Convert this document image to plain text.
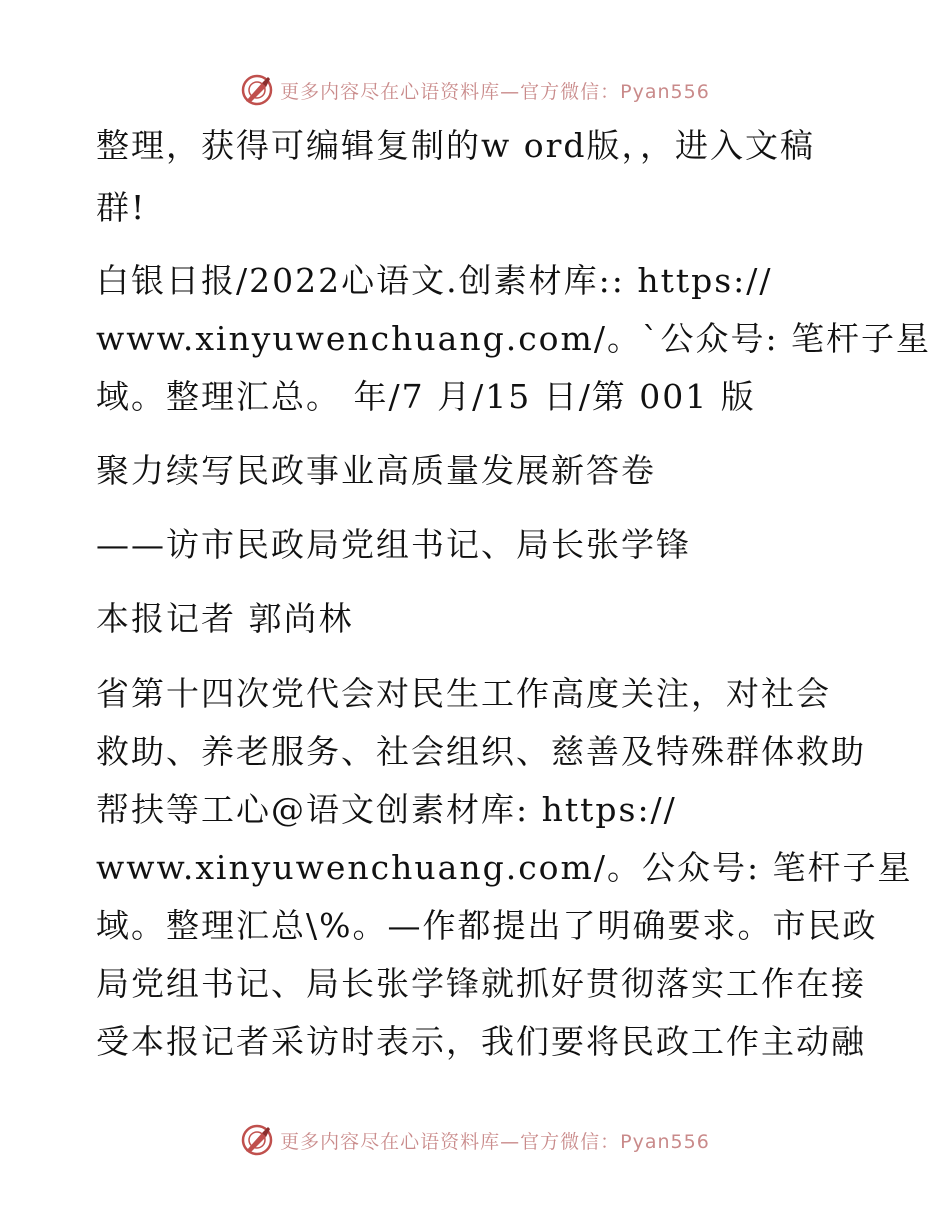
更多内容尽在心语资料库—官方微信：Pyan556
整理，获得可编辑复制的w ord版，，进入文稿
群!
白银日报/2022心语文.创素材库:: https://
www.xinyuwenchuang.com/。`公众号: 笔杆子星
域。整理汇总。 年/7 月/15 日/第 001 版
聚力续写民政事业高质量发展新答卷
——访市民政局党组书记、局长张学锋
本报记者 郭尚林
省第十四次党代会对民生工作高度关注，对社会
救助、养老服务、社会组织、慈善及特殊群体救助
帮扶等工心@语文创素材库: https://
www.xinyuwenchuang.com/。公众号: 笔杆子星
域。整理汇总\%。—作都提出了明确要求。市民政
局党组书记、局长张学锋就抓好贯彻落实工作在接
受本报记者采访时表示，我们要将民政工作主动融
更多内容尽在心语资料库—官方微信：Pyan556
